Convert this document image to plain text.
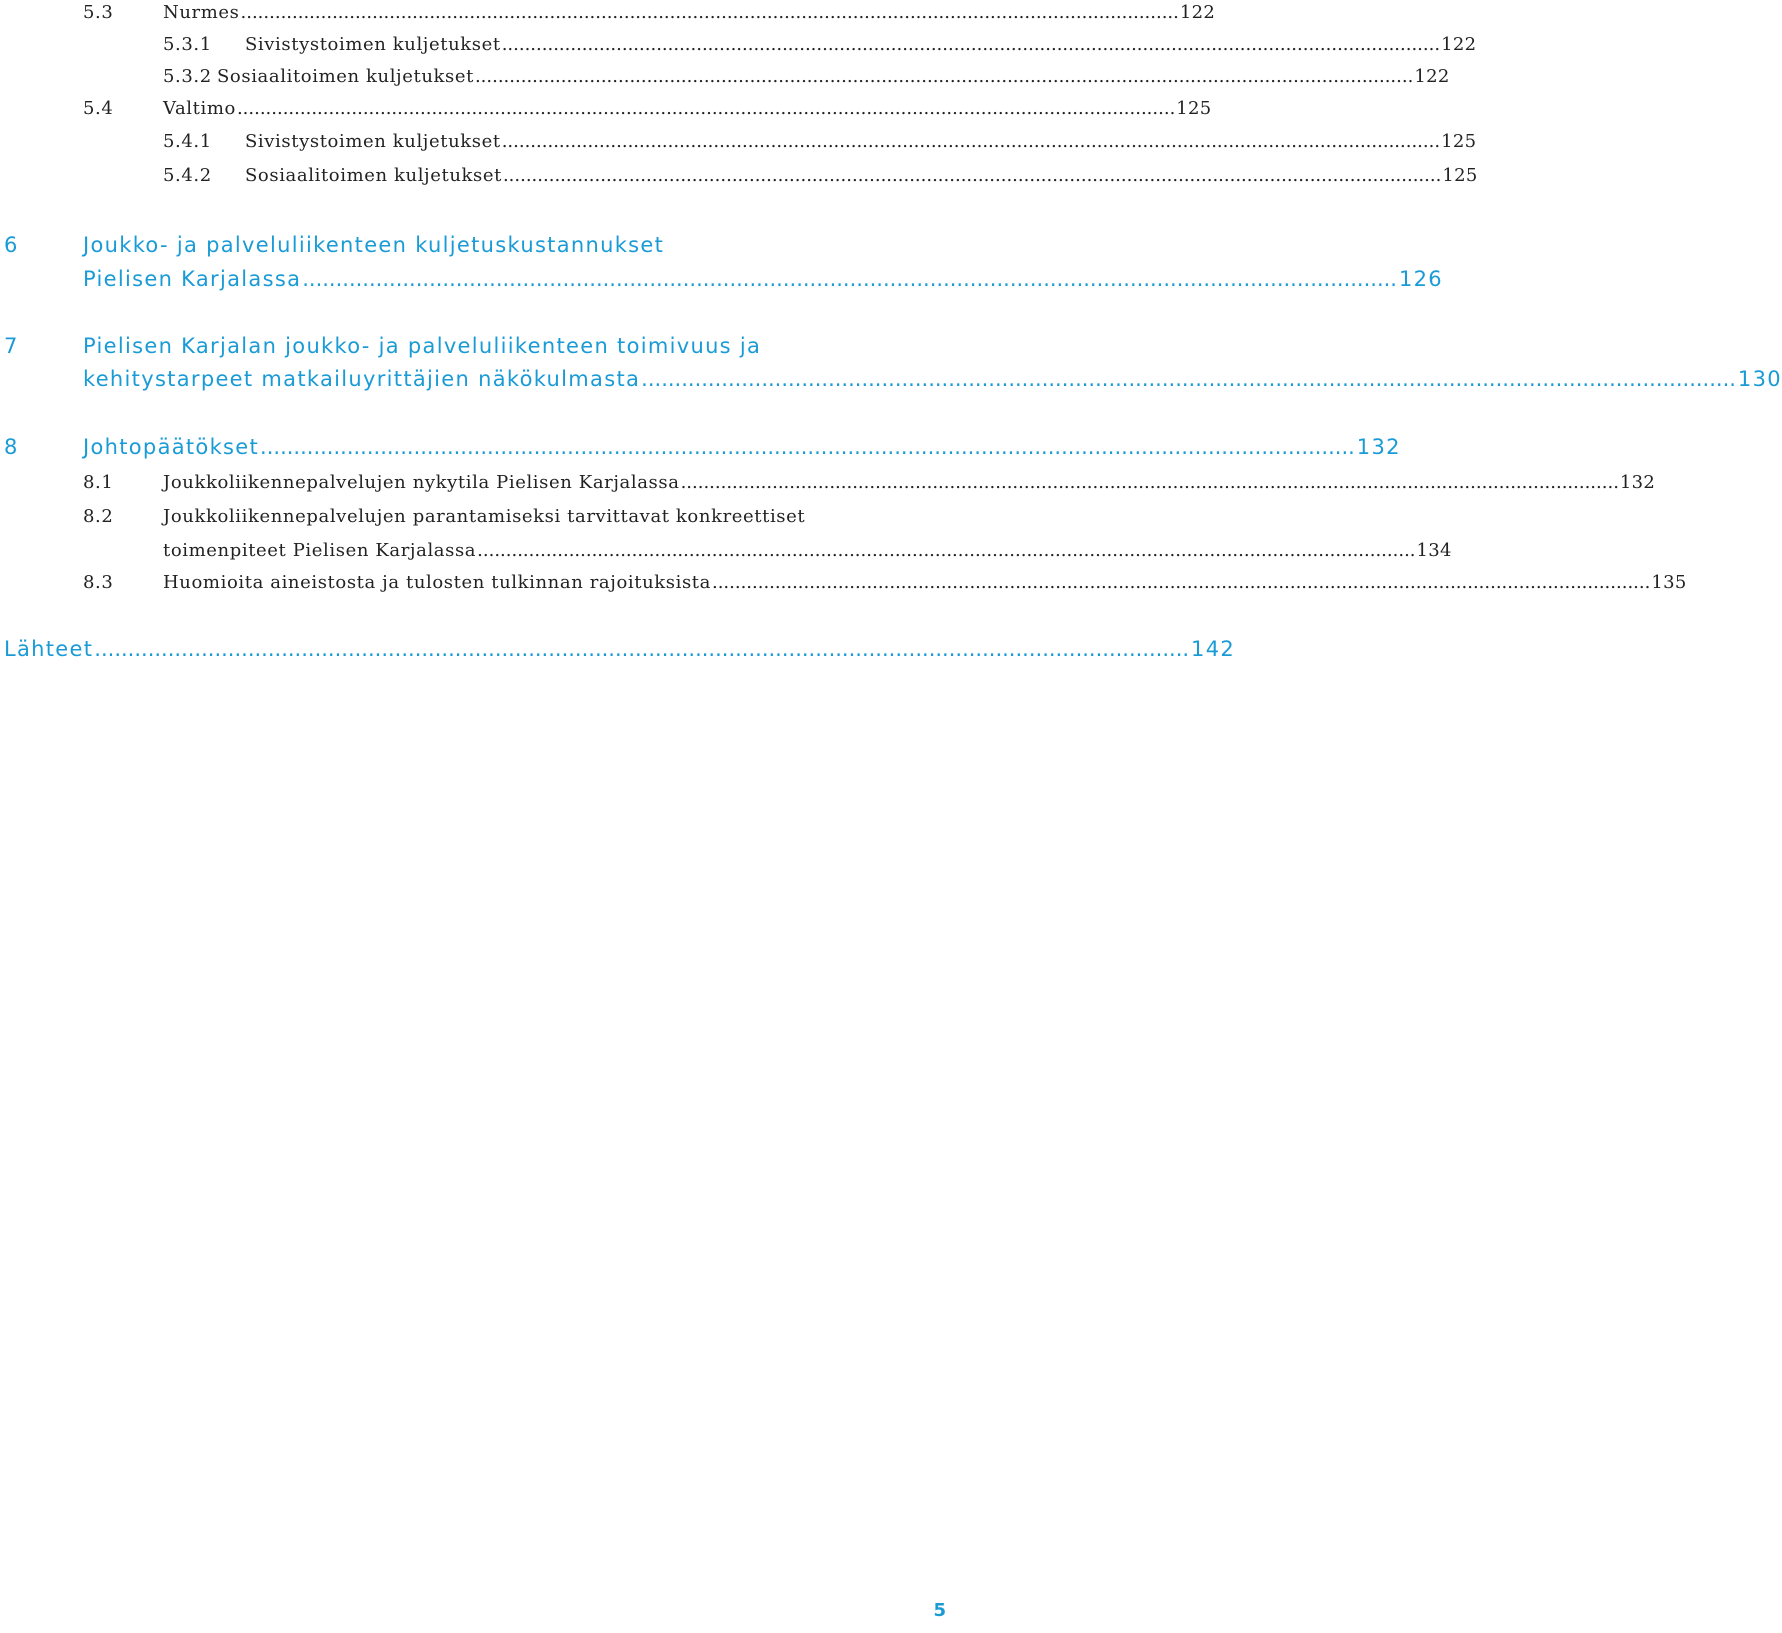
5.3	Nurmes .................................................................................................................................................................... 122
5.3.1 Sivistystoimen kuljetukset .................................................................................................................................................................... 122
5.3.2 Sosiaalitoimen kuljetukset .................................................................................................................................................................... 122
5.4	Valtimo .................................................................................................................................................................... 125
5.4.1 Sivistystoimen kuljetukset .................................................................................................................................................................... 125
5.4.2 Sosiaalitoimen kuljetukset .................................................................................................................................................................... 125
6	Joukko- ja palveluliikenteen kuljetuskustannukset
Pielisen Karjalassa .................................................................................................................................................................... 126
7	Pielisen Karjalan joukko- ja palveluliikenteen toimivuus ja
kehitystarpeet matkailuyrittäjien näkökulmasta .................................................................................................................................................................... 130
8	Johtopäätökset .................................................................................................................................................................... 132
8.1	Joukkoliikennepalvelujen nykytila Pielisen Karjalassa .................................................................................................................................................................... 132
8.2	Joukkoliikennepalvelujen parantamiseksi tarvittavat konkreettiset
toimenpiteet Pielisen Karjalassa .................................................................................................................................................................... 134
8.3	Huomioita aineistosta ja tulosten tulkinnan rajoituksista .................................................................................................................................................................... 135
Lähteet .................................................................................................................................................................... 142
5
